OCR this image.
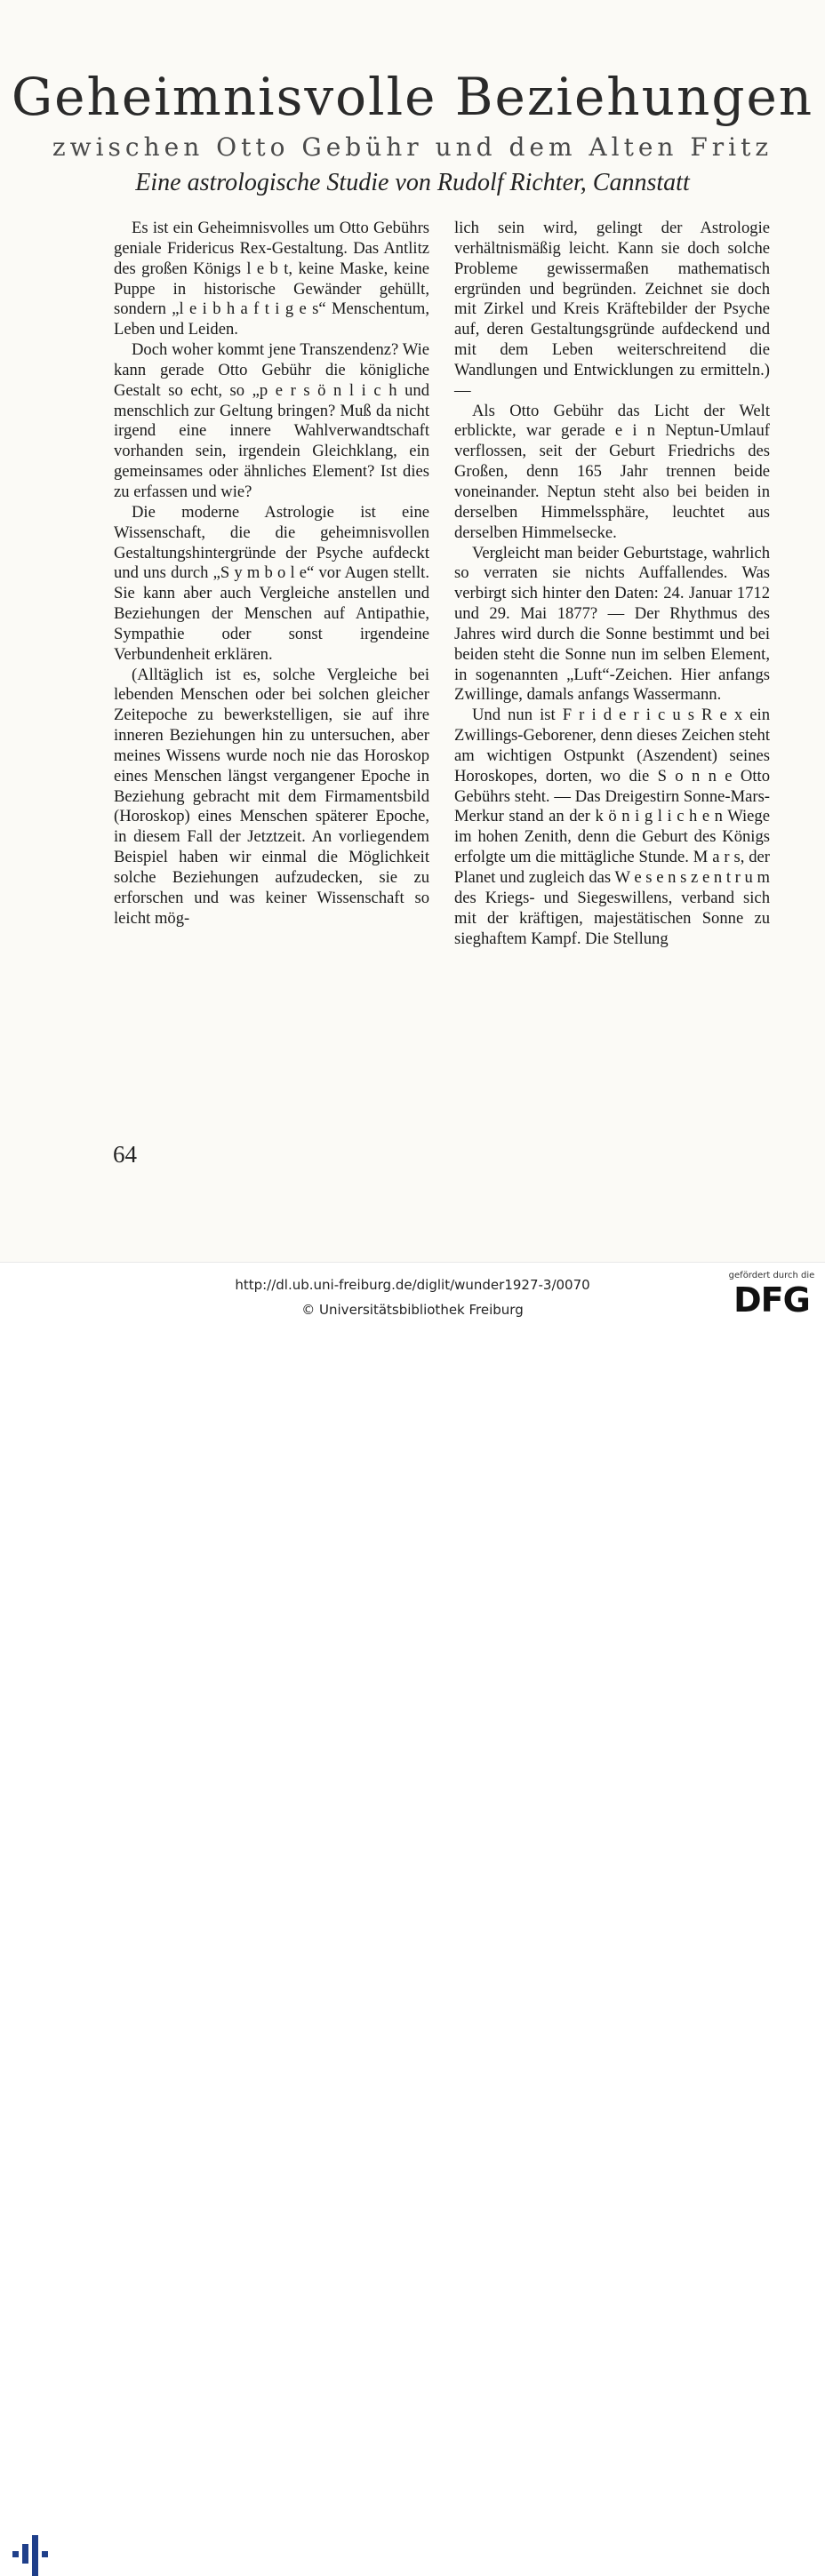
Geheimnisvolle Beziehungen
zwischen Otto Gebühr und dem Alten Fritz
Eine astrologische Studie von Rudolf Richter, Cannstatt

Es ist ein Geheimnisvolles um Otto Gebührs geniale Fridericus Rex-Gestaltung. Das Antlitz des großen Königs l e b t, keine Maske, keine Puppe in historische Gewänder gehüllt, sondern „l e i b h a f t i g e s“ Menschentum, Leben und Leiden.

Doch woher kommt jene Transzendenz? Wie kann gerade Otto Gebühr die königliche Gestalt so echt, so „p e r s ö n l i c h und menschlich zur Geltung bringen? Muß da nicht irgend eine innere Wahlverwandtschaft vorhanden sein, irgendein Gleichklang, ein gemeinsames oder ähnliches Element? Ist dies zu erfassen und wie?

Die moderne Astrologie ist eine Wissenschaft, die die geheimnisvollen Gestaltungshintergründe der Psyche aufdeckt und uns durch „S y m b o l e“ vor Augen stellt. Sie kann aber auch Vergleiche anstellen und Beziehungen der Menschen auf Antipathie, Sympathie oder sonst irgendeine Verbundenheit erklären.

(Alltäglich ist es, solche Vergleiche bei lebenden Menschen oder bei solchen gleicher Zeitepoche zu bewerkstelligen, sie auf ihre inneren Beziehungen hin zu untersuchen, aber meines Wissens wurde noch nie das Horoskop eines Menschen längst vergangener Epoche in Beziehung gebracht mit dem Firmamentsbild (Horoskop) eines Menschen späterer Epoche, in diesem Fall der Jetztzeit. An vorliegendem Beispiel haben wir einmal die Möglichkeit solche Beziehungen aufzudecken, sie zu erforschen und was keiner Wissenschaft so leicht mög-

lich sein wird, gelingt der Astrologie verhältnismäßig leicht. Kann sie doch solche Probleme gewissermaßen mathematisch ergründen und begründen. Zeichnet sie doch mit Zirkel und Kreis Kräftebilder der Psyche auf, deren Gestaltungsgründe aufdeckend und mit dem Leben weiterschreitend die Wandlungen und Entwicklungen zu ermitteln.) —

Als Otto Gebühr das Licht der Welt erblickte, war gerade e i n Neptun-Umlauf verflossen, seit der Geburt Friedrichs des Großen, denn 165 Jahr trennen beide voneinander. Neptun steht also bei beiden in derselben Himmelssphäre, leuchtet aus derselben Himmelsecke.

Vergleicht man beider Geburtstage, wahrlich so verraten sie nichts Auffallendes. Was verbirgt sich hinter den Daten: 24. Januar 1712 und 29. Mai 1877? — Der Rhythmus des Jahres wird durch die Sonne bestimmt und bei beiden steht die Sonne nun im selben Element, in sogenannten „Luft“-Zeichen. Hier anfangs Zwillinge, damals anfangs Wassermann.

Und nun ist F r i d e r i c u s R e x ein Zwillings-Geborener, denn dieses Zeichen steht am wichtigen Ostpunkt (Aszendent) seines Horoskopes, dorten, wo die S o n n e Otto Gebührs steht. — Das Dreigestirn Sonne-Mars-Merkur stand an der k ö n i g l i c h e n Wiege im hohen Zenith, denn die Geburt des Königs erfolgte um die mittägliche Stunde. M a r s, der Planet und zugleich das W e s e n s z e n t r u m des Kriegs- und Siegeswillens, verband sich mit der kräftigen, majestätischen Sonne zu sieghaftem Kampf. Die Stellung

64
http://dl.ub.uni-freiburg.de/diglit/wunder1927-3/0070
© Universitätsbibliothek Freiburg
gefördert durch die
DFG
